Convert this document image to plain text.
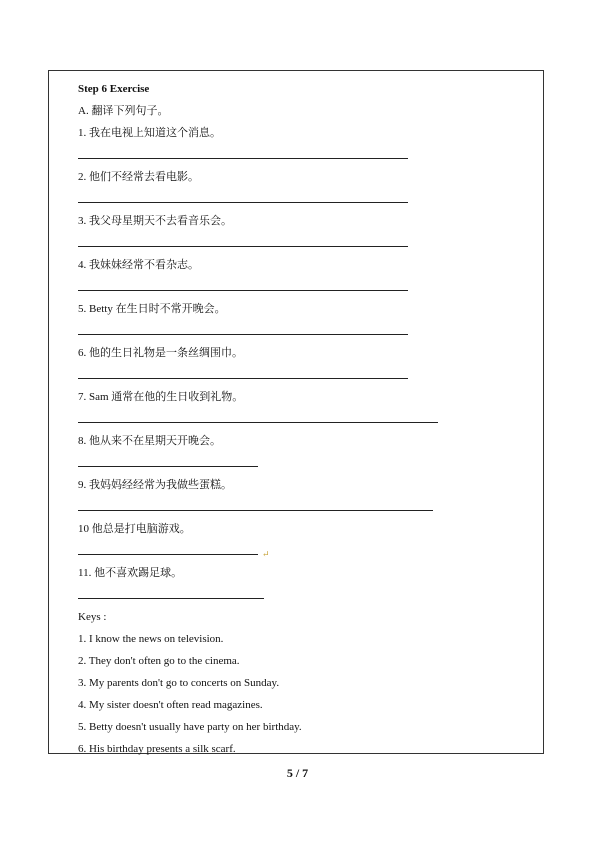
Step 6 Exercise
A. 翻译下列句子。
1. 我在电视上知道这个消息。
2. 他们不经常去看电影。
3. 我父母星期天不去看音乐会。
4. 我妹妹经常不看杂志。
5. Betty 在生日时不常开晚会。
6. 他的生日礼物是一条丝绸围巾。
7. Sam 通常在他的生日收到礼物。
8. 他从来不在星期天开晚会。
9. 我妈妈经经常为我做些蛋糕。
10 他总是打电脑游戏。
↵
11. 他不喜欢踢足球。
Keys :
1. I know the news on television.
2. They don't often go to the cinema.
3. My parents don't go to concerts on Sunday.
4. My sister doesn't often read magazines.
5. Betty doesn't usually have party on her birthday.
6. His birthday presents a silk scarf.
5 / 7
